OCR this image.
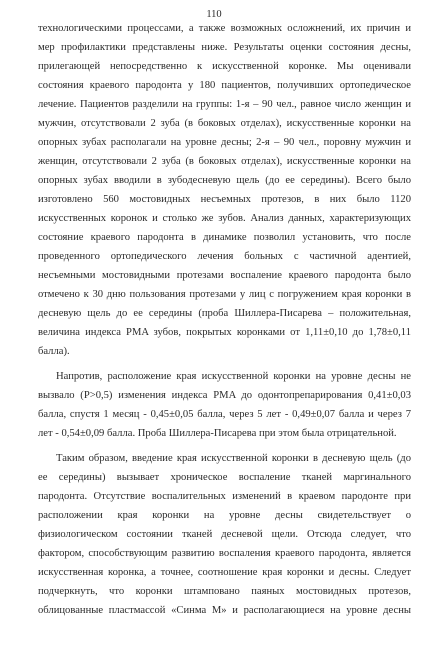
110
технологическими процессами, а также возможных осложнений, их причин и
мер профилактики представлены ниже. Результаты оценки состояния десны,
прилегающей непосредственно к искусственной коронке. Мы оценивали
состояния краевого пародонта у 180 пациентов, получивших ортопедическое
лечение. Пациентов разделили на группы: 1-я – 90 чел., равное число женщин и
мужчин, отсутствовали 2 зуба (в боковых отделах), искусственные коронки на
опорных зубах располагали на уровне десны; 2-я – 90 чел., поровну мужчин и
женщин, отсутствовали 2 зуба (в боковых отделах), искусственные коронки на
опорных зубах вводили в зубодесневую щель (до ее середины). Всего было
изготовлено 560 мостовидных несъемных протезов, в них было 1120
искусственных коронок и столько же зубов. Анализ данных, характеризующих
состояние краевого пародонта в динамике позволил установить, что после
проведенного ортопедического лечения больных с частичной адентией,
несъемными мостовидными протезами воспаление краевого пародонта было
отмечено к 30 дню пользования протезами у лиц с погружением края коронки в
десневую щель до ее середины (проба Шиллера-Писарева – положительная,
величина индекса PMA зубов, покрытых коронками от 1,11±0,10 до 1,78±0,11
балла).
Напротив, расположение края искусственной коронки на уровне десны не
вызвало (P>0,5) изменения индекса PMA до одонтопрепарирования 0,41±0,03
балла, спустя 1 месяц - 0,45±0,05 балла, через 5 лет - 0,49±0,07 балла и через 7
лет - 0,54±0,09 балла. Проба Шиллера-Писарева при этом была отрицательной.
Таким образом, введение края искусственной коронки в десневую щель (до
ее середины) вызывает хроническое воспаление тканей маргинального
пародонта. Отсутствие воспалительных изменений в краевом пародонте при
расположении края коронки на уровне десны свидетельствует о
физиологическом состоянии тканей десневой щели. Отсюда следует, что
фактором, способствующим развитию воспаления краевого пародонта, является
искусственная коронка, а точнее, соотношение края коронки и десны. Следует
подчеркнуть, что коронки штамповано паяных мостовидных протезов,
облицованные пластмассой «Синма М» и располагающиеся на уровне десны
